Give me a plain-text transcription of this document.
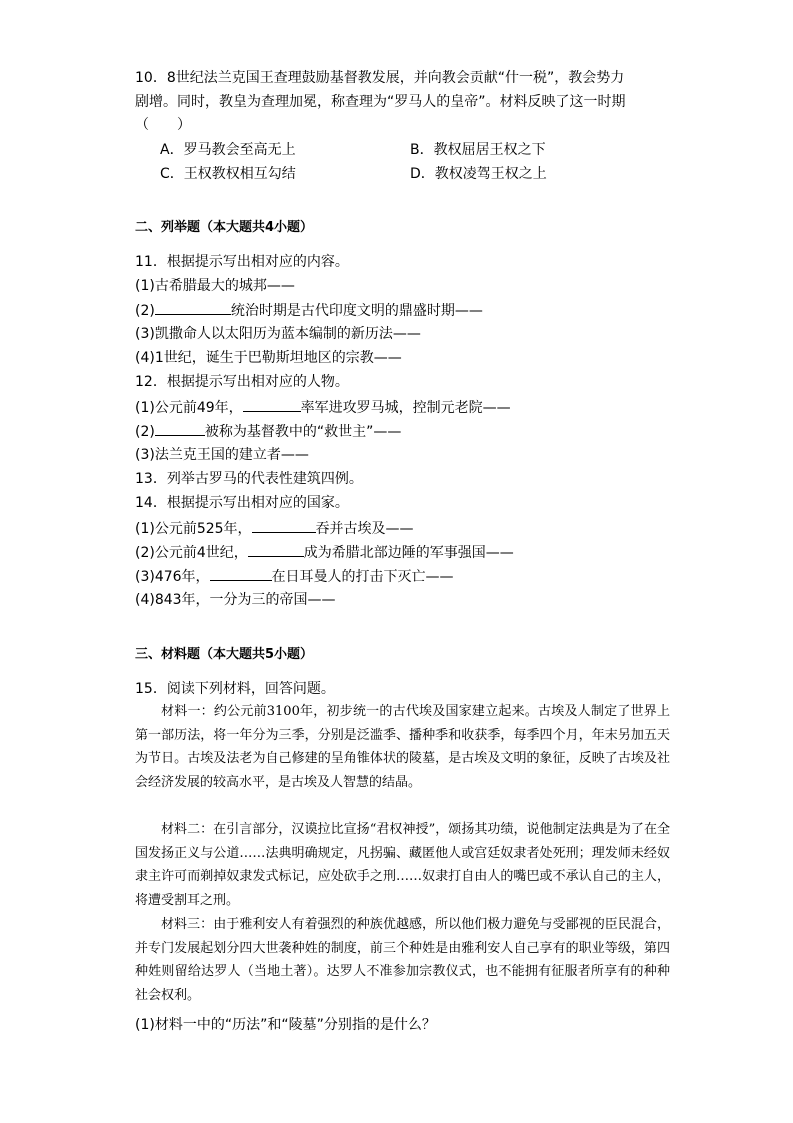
10．8世纪法兰克国王查理鼓励基督教发展，并向教会贡献“什一税”，教会势力
剧增。同时，教皇为查理加冕，称查理为“罗马人的皇帝”。材料反映了这一时期
（　　）
A．罗马教会至高无上	B．教权屈居王权之下
C．王权教权相互勾结	D．教权凌驾王权之上
二、列举题（本大题共4小题）
11．根据提示写出相对应的内容。
(1)古希腊最大的城邦——
(2)	统治时期是古代印度文明的鼎盛时期——
(3)凯撒命人以太阳历为蓝本编制的新历法——
(4)1世纪，诞生于巴勒斯坦地区的宗教——
12．根据提示写出相对应的人物。
(1)公元前49年，	率军进攻罗马城，控制元老院——
(2)	被称为基督教中的“救世主”——
(3)法兰克王国的建立者——
13．列举古罗马的代表性建筑四例。
14．根据提示写出相对应的国家。
(1)公元前525年，	吞并古埃及——
(2)公元前4世纪，	成为希腊北部边陲的军事强国——
(3)476年，	在日耳曼人的打击下灭亡——
(4)843年，一分为三的帝国——
三、材料题（本大题共5小题）
15．阅读下列材料，回答问题。

材料一：约公元前3100年，初步统一的古代埃及国家建立起来。古埃及人制定了世界上第一部历法，将一年分为三季，分别是泛滥季、播种季和收获季，每季四个月，年末另加五天为节日。古埃及法老为自己修建的呈角锥体状的陵墓，是古埃及文明的象征，反映了古埃及社会经济发展的较高水平，是古埃及人智慧的结晶。

材料二：在引言部分，汉谟拉比宣扬“君权神授”，颂扬其功绩，说他制定法典是为了在全国发扬正义与公道……法典明确规定，凡拐骗、藏匿他人或宫廷奴隶者处死刑；理发师未经奴隶主许可而剃掉奴隶发式标记，应处砍手之刑……奴隶打自由人的嘴巴或不承认自己的主人，将遭受割耳之刑。

材料三：由于雅利安人有着强烈的种族优越感，所以他们极力避免与受鄙视的臣民混合，并专门发展起划分四大世袭种姓的制度，前三个种姓是由雅利安人自己享有的职业等级，第四种姓则留给达罗人（当地土著）。达罗人不准参加宗教仪式，也不能拥有征服者所享有的种种社会权利。

(1)材料一中的“历法”和“陵墓”分别指的是什么？
